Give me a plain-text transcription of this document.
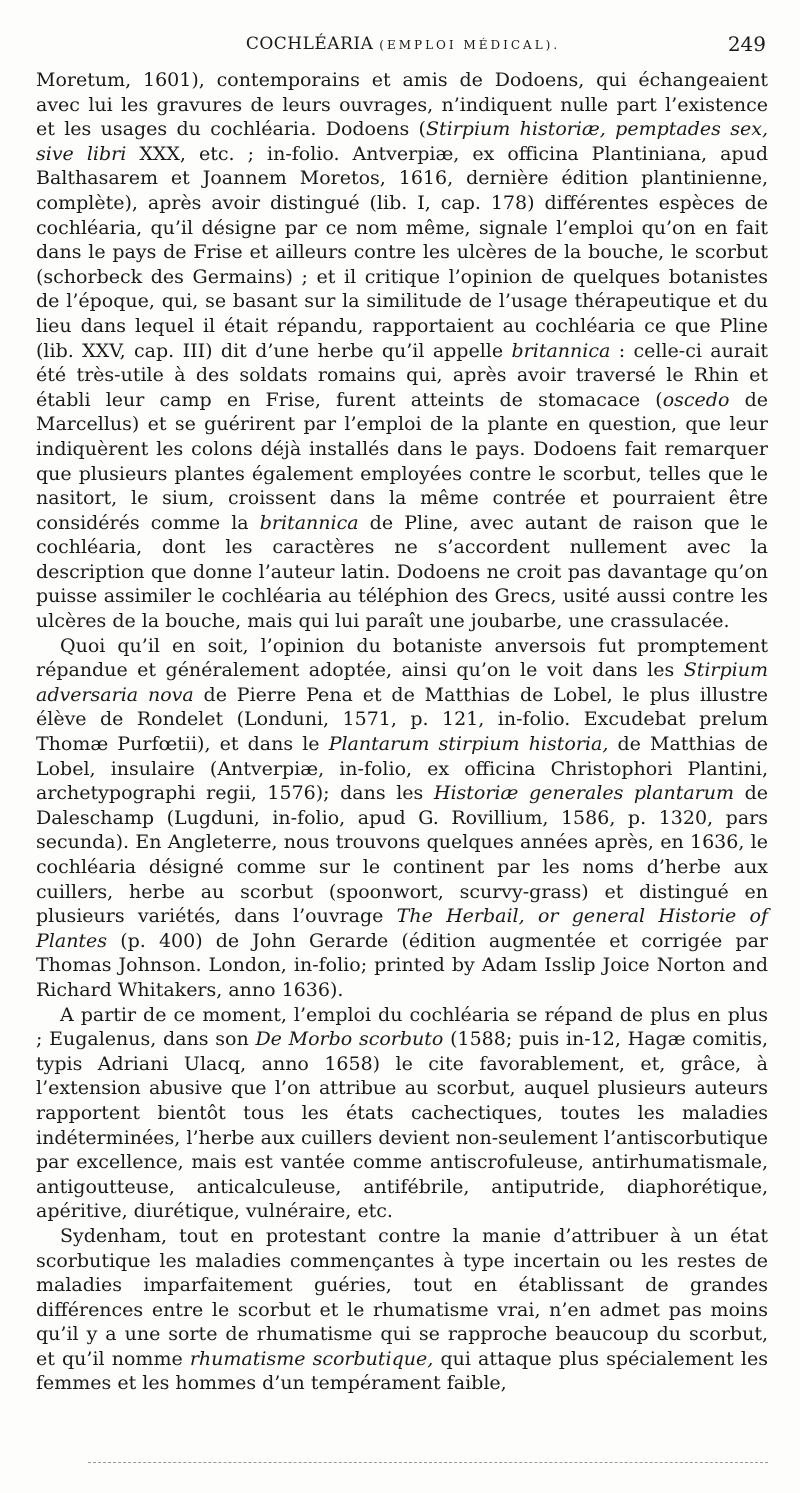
COCHLÉARIA (EMPLOI MÉDICAL).	249

Moretum, 1601), contemporains et amis de Dodoens, qui échangeaient avec lui les gravures de leurs ouvrages, n’indiquent nulle part l’existence et les usages du cochléaria. Dodoens (Stirpium historiæ, pemptades sex, sive libri XXX, etc. ; in-folio. Antverpiæ, ex officina Plantiniana, apud Balthasarem et Joannem Moretos, 1616, dernière édition plantinienne, complète), après avoir distingué (lib. I, cap. 178) différentes espèces de cochléaria, qu’il désigne par ce nom même, signale l’emploi qu’on en fait dans le pays de Frise et ailleurs contre les ulcères de la bouche, le scorbut (schorbeck des Germains) ; et il critique l’opinion de quelques botanistes de l’époque, qui, se basant sur la similitude de l’usage thérapeutique et du lieu dans lequel il était répandu, rapportaient au cochléaria ce que Pline (lib. XXV, cap. III) dit d’une herbe qu’il appelle britannica : celle-ci aurait été très-utile à des soldats romains qui, après avoir traversé le Rhin et établi leur camp en Frise, furent atteints de stomacace (oscedo de Marcellus) et se guérirent par l’emploi de la plante en question, que leur indiquèrent les colons déjà installés dans le pays. Dodoens fait remarquer que plusieurs plantes également employées contre le scorbut, telles que le nasitort, le sium, croissent dans la même contrée et pourraient être considérés comme la britannica de Pline, avec autant de raison que le cochléaria, dont les caractères ne s’accordent nullement avec la description que donne l’auteur latin. Dodoens ne croit pas davantage qu’on puisse assimiler le cochléaria au téléphion des Grecs, usité aussi contre les ulcères de la bouche, mais qui lui paraît une joubarbe, une crassulacée.

Quoi qu’il en soit, l’opinion du botaniste anversois fut promptement répandue et généralement adoptée, ainsi qu’on le voit dans les Stirpium adversaria nova de Pierre Pena et de Matthias de Lobel, le plus illustre élève de Rondelet (Londuni, 1571, p. 121, in-folio. Excudebat prelum Thomæ Purfœtii), et dans le Plantarum stirpium historia, de Matthias de Lobel, insulaire (Antverpiæ, in-folio, ex officina Christophori Plantini, archetypographi regii, 1576); dans les Historiæ generales plantarum de Daleschamp (Lugduni, in-folio, apud G. Rovillium, 1586, p. 1320, pars secunda). En Angleterre, nous trouvons quelques années après, en 1636, le cochléaria désigné comme sur le continent par les noms d’herbe aux cuillers, herbe au scorbut (spoonwort, scurvy-grass) et distingué en plusieurs variétés, dans l’ouvrage The Herbail, or general Historie of Plantes (p. 400) de John Gerarde (édition augmentée et corrigée par Thomas Johnson. London, in-folio; printed by Adam Isslip Joice Norton and Richard Whitakers, anno 1636).

A partir de ce moment, l’emploi du cochléaria se répand de plus en plus ; Eugalenus, dans son De Morbo scorbuto (1588; puis in-12, Hagæ comitis, typis Adriani Ulacq, anno 1658) le cite favorablement, et, grâce, à l’extension abusive que l’on attribue au scorbut, auquel plusieurs auteurs rapportent bientôt tous les états cachectiques, toutes les maladies indéterminées, l’herbe aux cuillers devient non-seulement l’antiscorbutique par excellence, mais est vantée comme antiscrofuleuse, antirhumatismale, antigoutteuse, anticalculeuse, antifébrile, antiputride, diaphorétique, apéritive, diurétique, vulnéraire, etc.

Sydenham, tout en protestant contre la manie d’attribuer à un état scorbutique les maladies commençantes à type incertain ou les restes de maladies imparfaitement guéries, tout en établissant de grandes différences entre le scorbut et le rhumatisme vrai, n’en admet pas moins qu’il y a une sorte de rhumatisme qui se rapproche beaucoup du scorbut, et qu’il nomme rhumatisme scorbutique, qui attaque plus spécialement les femmes et les hommes d’un tempérament faible,
